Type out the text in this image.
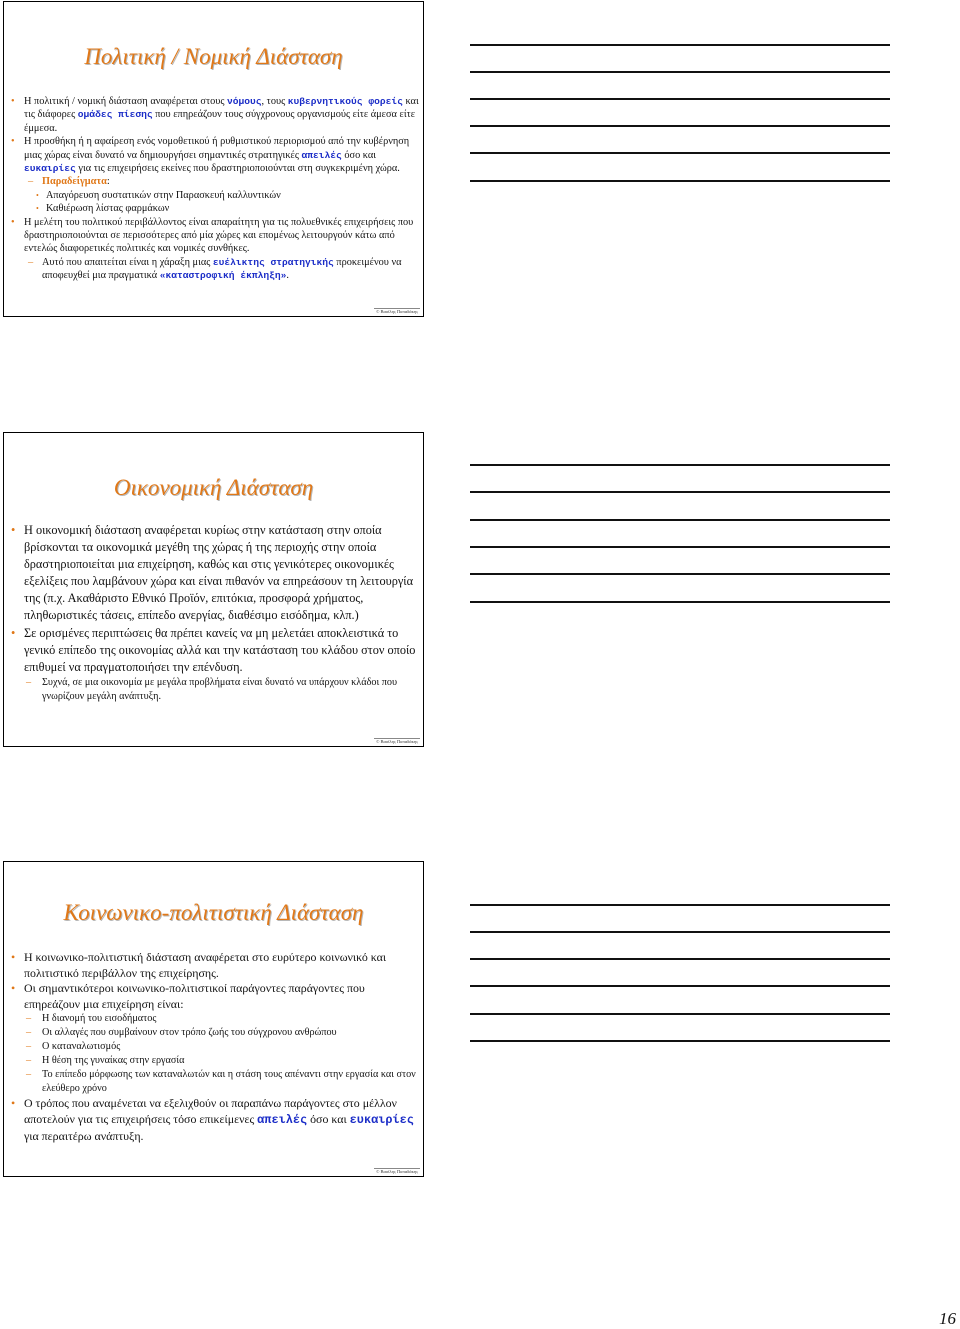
Πολιτική / Νομική Διάσταση
• Η πολιτική / νομική διάσταση αναφέρεται στους νόμους, τους κυβερνητικούς φορείς και τις διάφορες ομάδες πίεσης που επηρεάζουν τους σύγχρονους οργανισμούς είτε άμεσα είτε έμμεσα.
• Η προσθήκη ή η αφαίρεση ενός νομοθετικού ή ρυθμιστικού περιορισμού από την κυβέρνηση μιας χώρας είναι δυνατό να δημιουργήσει σημαντικές στρατηγικές απειλές όσο και ευκαιρίες για τις επιχειρήσεις εκείνες που δραστηριοποιούνται στη συγκεκριμένη χώρα.
– Παραδείγματα:
• Απαγόρευση συστατικών στην Παρασκευή καλλυντικών
• Καθιέρωση λίστας φαρμάκων
• Η μελέτη του πολιτικού περιβάλλοντος είναι απαραίτητη για τις πολυεθνικές επιχειρήσεις που δραστηριοποιούνται σε περισσότερες από μία χώρες και επομένως λειτουργούν κάτω από εντελώς διαφορετικές πολιτικές και νομικές συνθήκες.
– Αυτό που απαιτείται είναι η χάραξη μιας ευέλικτης στρατηγικής προκειμένου να αποφευχθεί μια πραγματικά «καταστροφική έκπληξη».
© Βασίλης Παπαδάκης
Οικονομική Διάσταση
• Η οικονομική διάσταση αναφέρεται κυρίως στην κατάσταση στην οποία βρίσκονται τα οικονομικά μεγέθη της χώρας ή της περιοχής στην οποία δραστηριοποιείται μια επιχείρηση, καθώς και στις γενικότερες οικονομικές εξελίξεις που λαμβάνουν χώρα και είναι πιθανόν να επηρεάσουν τη λειτουργία της (π.χ. Ακαθάριστο Εθνικό Προϊόν, επιτόκια, προσφορά χρήματος, πληθωριστικές τάσεις, επίπεδο ανεργίας, διαθέσιμο εισόδημα, κλπ.)
• Σε ορισμένες περιπτώσεις θα πρέπει κανείς να μη μελετάει αποκλειστικά το γενικό επίπεδο της οικονομίας αλλά και την κατάσταση του κλάδου στον οποίο επιθυμεί να πραγματοποιήσει την επένδυση.
– Συχνά, σε μια οικονομία με μεγάλα προβλήματα είναι δυνατό να υπάρχουν κλάδοι που γνωρίζουν μεγάλη ανάπτυξη.
© Βασίλης Παπαδάκης
Κοινωνικο-πολιτιστική Διάσταση
• Η κοινωνικο-πολιτιστική διάσταση αναφέρεται στο ευρύτερο κοινωνικό και πολιτιστικό περιβάλλον της επιχείρησης.
• Οι σημαντικότεροι κοινωνικο-πολιτιστικοί παράγοντες παράγοντες που επηρεάζουν μια επιχείρηση είναι:
– Η διανομή του εισοδήματος
– Οι αλλαγές που συμβαίνουν στον τρόπο ζωής του σύγχρονου ανθρώπου
– Ο καταναλωτισμός
– Η θέση της γυναίκας στην εργασία
– Το επίπεδο μόρφωσης των καταναλωτών και η στάση τους απέναντι στην εργασία και στον ελεύθερο χρόνο
• Ο τρόπος που αναμένεται να εξελιχθούν οι παραπάνω παράγοντες στο μέλλον αποτελούν για τις επιχειρήσεις τόσο επικείμενες απειλές όσο και ευκαιρίες για περαιτέρω ανάπτυξη.
© Βασίλης Παπαδάκης
16
